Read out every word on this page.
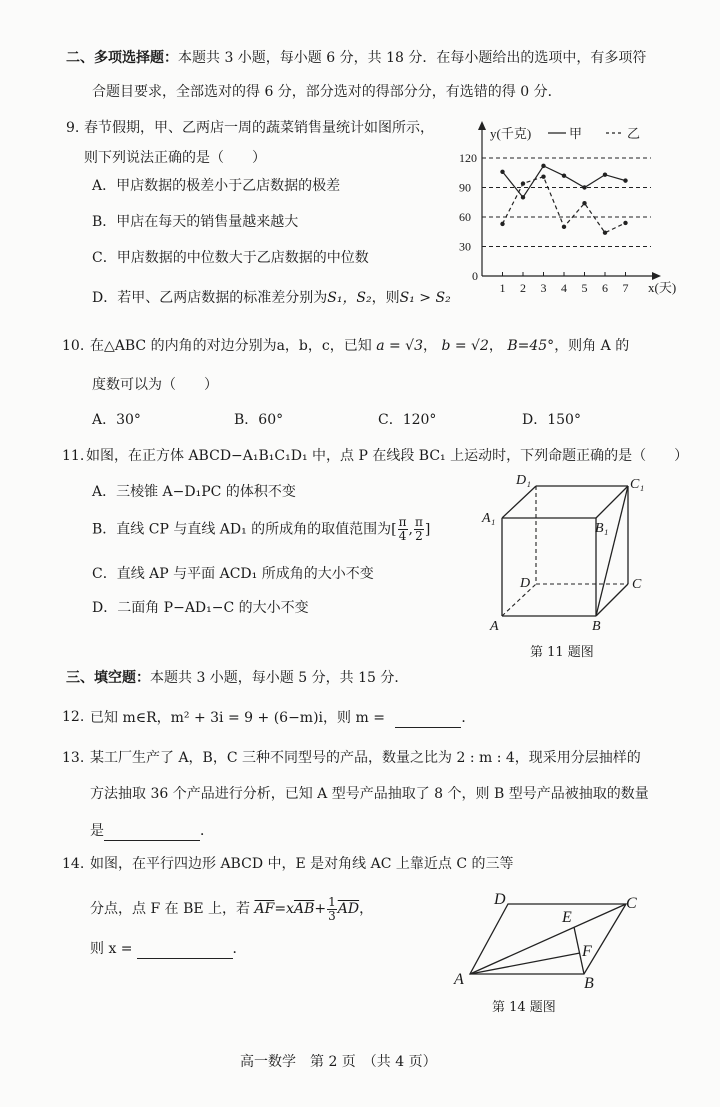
二、多项选择题：本题共 3 小题，每小题 6 分，共 18 分．在每小题给出的选项中，有多项符
合题目要求，全部选对的得 6 分，部分选对的得部分分，有选错的得 0 分．
9. 春节假期，甲、乙两店一周的蔬菜销售量统计如图所示，
则下列说法正确的是（　　）
A．甲店数据的极差小于乙店数据的极差
B．甲店在每天的销售量越来越大
C．甲店数据的中位数大于乙店数据的中位数
D．若甲、乙两店数据的标准差分别为S₁，S₂，则S₁ > S₂
y(千克)	甲	乙
0
x(天)
30
60
90
120
1 2 3 4 5 6 7
10. 在△ABC 的内角的对边分别为a，b，c，已知 a = √3， b = √2， B=45°，则角 A 的
度数可以为（　　）
A．30°	B．60°	C．120°	D．150°
11. 如图，在正方体 ABCD−A₁B₁C₁D₁ 中，点 P 在线段 BC₁ 上运动时，下列命题正确的是（　　）
A．三棱锥 A−D₁PC 的体积不变
B．直线 CP 与直线 AD₁ 的所成角的取值范围为[ $\frac{\pi}{4}$ , $\frac{\pi}{2}$ ]
C．直线 AP 与平面 ACD₁ 所成角的大小不变
D．二面角 P−AD₁−C 的大小不变
D₁	C₁
A₁
B₁
D	C
A	B
第 11 题图
三、填空题：本题共 3 小题，每小题 5 分，共 15 分．
12. 已知 m∈R，m² + 3i = 9 + (6−m)i，则 m =	．
13. 某工厂生产了 A，B，C 三种不同型号的产品，数量之比为 2 : m : 4，现采用分层抽样的
方法抽取 36 个产品进行分析，已知 A 型号产品抽取了 8 个，则 B 型号产品被抽取的数量
是	．
14. 如图，在平行四边形 ABCD 中，E 是对角线 AC 上靠近点 C 的三等
分点，点 F 在 BE 上，若 $\overline{AF}=x\overline{AB}+ \frac{1}{3} \overline{AD}$，
则 x =	．
D	C
E
F
A	B
第 14 题图
高一数学　第 2 页　（共 4 页）
